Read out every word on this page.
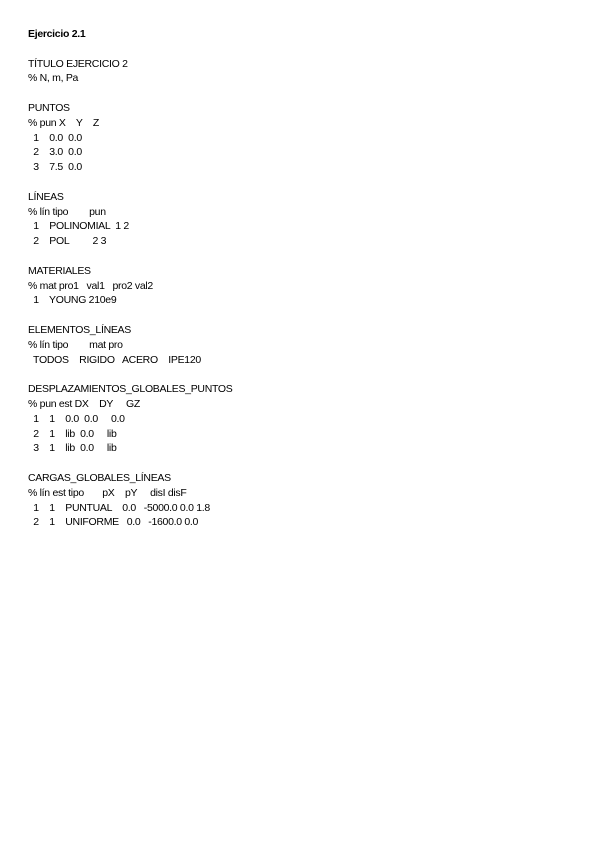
Ejercicio 2.1
TÍTULO EJERCICIO 2
% N, m, Pa
PUNTOS
% pun X    Y    Z
1    0.0  0.0
2    3.0  0.0
3    7.5  0.0
LÍNEAS
% lín tipo        pun
1    POLINOMIAL  1 2
2    POL         2 3
MATERIALES
% mat pro1   val1   pro2 val2
1    YOUNG 210e9
ELEMENTOS_LÍNEAS
% lín tipo        mat pro
TODOS    RIGIDO   ACERO    IPE120
DESPLAZAMIENTOS_GLOBALES_PUNTOS
% pun est DX    DY     GZ
1    1    0.0  0.0     0.0
2    1    lib  0.0     lib
3    1    lib  0.0     lib
CARGAS_GLOBALES_LÍNEAS
% lín est tipo       pX    pY     disI disF
1    1    PUNTUAL    0.0   -5000.0 0.0 1.8
2    1    UNIFORME   0.0   -1600.0 0.0
